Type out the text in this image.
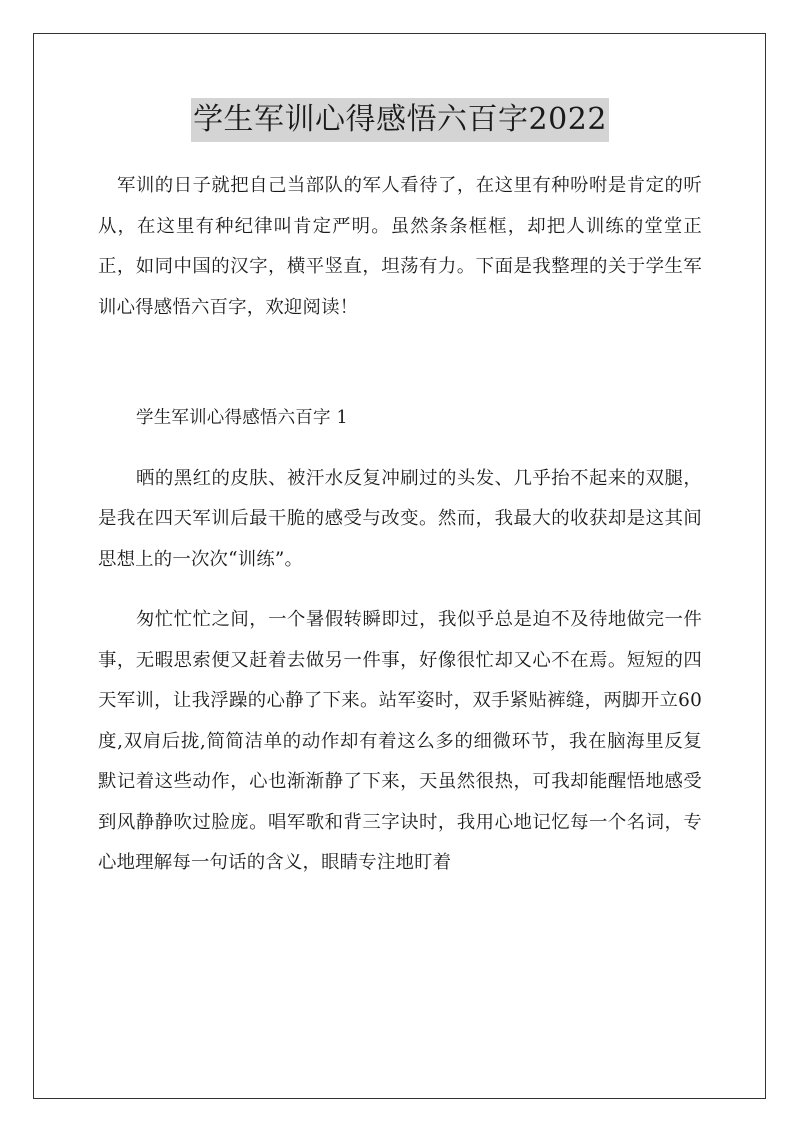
学生军训心得感悟六百字2022

军训的日子就把自己当部队的军人看待了，在这里有种吩咐是肯定的听从，在这里有种纪律叫肯定严明。虽然条条框框，却把人训练的堂堂正正，如同中国的汉字，横平竖直，坦荡有力。下面是我整理的关于学生军训心得感悟六百字，欢迎阅读！

学生军训心得感悟六百字 1

晒的黑红的皮肤、被汗水反复冲刷过的头发、几乎抬不起来的双腿，是我在四天军训后最干脆的感受与改变。然而，我最大的收获却是这其间思想上的一次次“训练”。

匆忙忙忙之间，一个暑假转瞬即过，我似乎总是迫不及待地做完一件事，无暇思索便又赶着去做另一件事，好像很忙却又心不在焉。短短的四天军训，让我浮躁的心静了下来。站军姿时，双手紧贴裤缝，两脚开立60度,双肩后拢,简简洁单的动作却有着这么多的细微环节，我在脑海里反复默记着这些动作，心也渐渐静了下来，天虽然很热，可我却能醒悟地感受到风静静吹过脸庞。唱军歌和背三字诀时，我用心地记忆每一个名词，专心地理解每一句话的含义，眼睛专注地盯着
